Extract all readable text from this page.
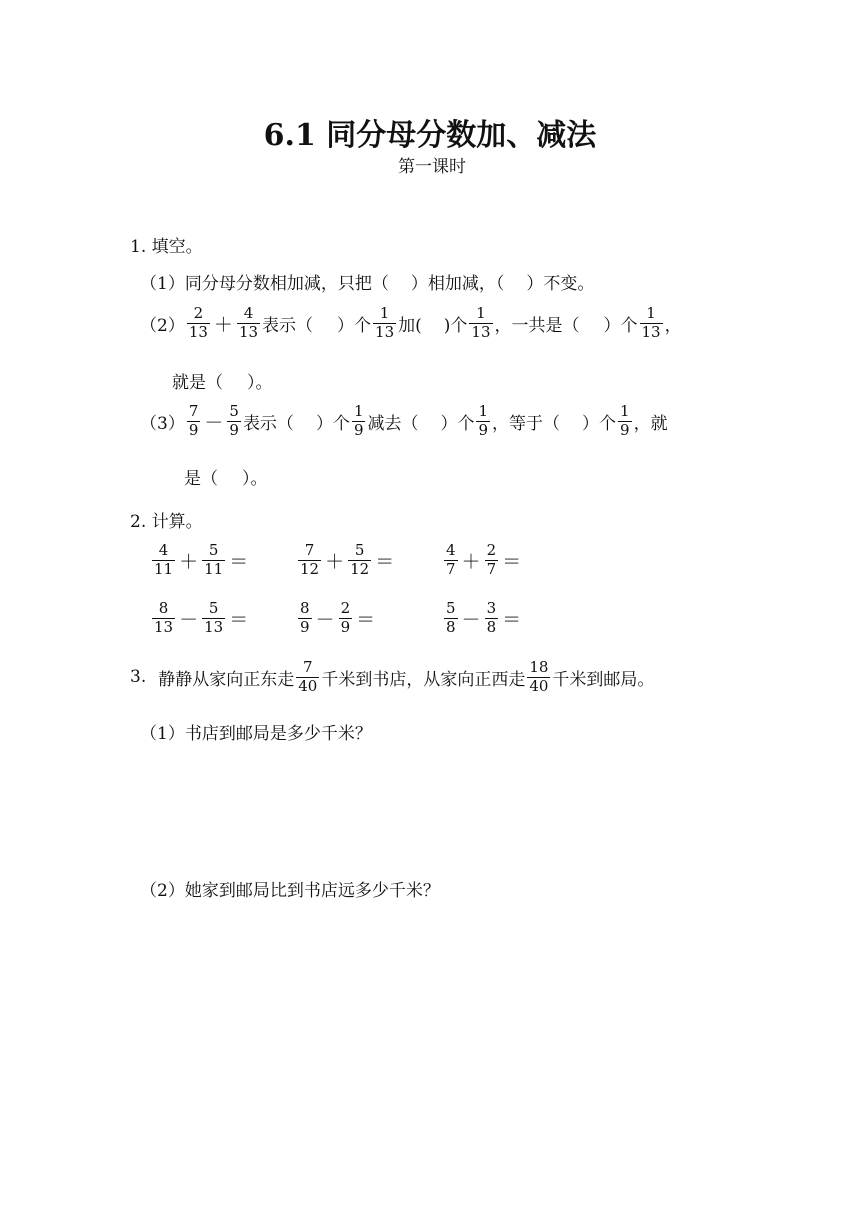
6.1 同分母分数加、减法
第一课时
1. 填空。
（1） 同分母分数相加减，只把（ ）相加减，（ ）不变。
$(2) \frac{2}{13} + \frac{4}{13}$ 表示（ ）个 $\frac{1}{13}$ 加( )个 $\frac{1}{13}$ ，一共是（ ）个 $\frac{1}{13}$ ，
就是（ ）。
$(3) \frac{7}{9} - \frac{5}{9}$ 表示（ ）个 $\frac{1}{9}$ 减去（ ）个 $\frac{1}{9}$ ，等于（ ）个 $\frac{1}{9}$ ，就
是（ ）。
2. 计算。
$\frac{4}{11} + \frac{5}{11}$ ＝	$\frac{7}{12} + \frac{5}{12}$ ＝	$\frac{4}{7} + \frac{2}{7}$ ＝
$\frac{8}{13} - \frac{5}{13}$ ＝	$\frac{8}{9} - \frac{2}{9}$ ＝	$\frac{5}{8} - \frac{3}{8}$ ＝
3. 静静从家向正东走 $\frac{7}{40}$ 千米到书店，从家向正西走 $\frac{18}{40}$ 千米到邮局。
（1）书店到邮局是多少千米？
（2）她家到邮局比到书店远多少千米？
